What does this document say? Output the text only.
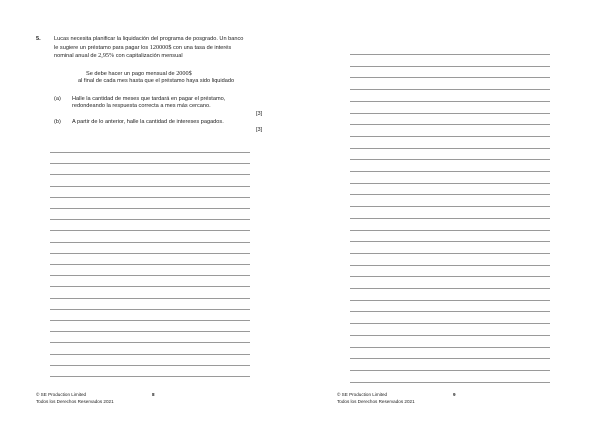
5. Lucas necesita planificar la liquidación del programa de posgrado. Un banco
le sugiere un préstamo para pagar los 120000$ con una tasa de interés
nominal anual de 2,95% con capitalización mensual
Se debe hacer un pago mensual de 2000$
al final de cada mes hasta que el préstamo haya sido liquidado
(a) Halle la cantidad de meses que tardará en pagar el préstamo,
redondeando la respuesta correcta a mes más cercano.
[3]
(b) A partir de lo anterior, halle la cantidad de intereses pagados.
[3]
© SE Production Limited
Todos los Derechos Reservados 2021
8	© SE Production Limited
Todos los Derechos Reservados 2021
9
